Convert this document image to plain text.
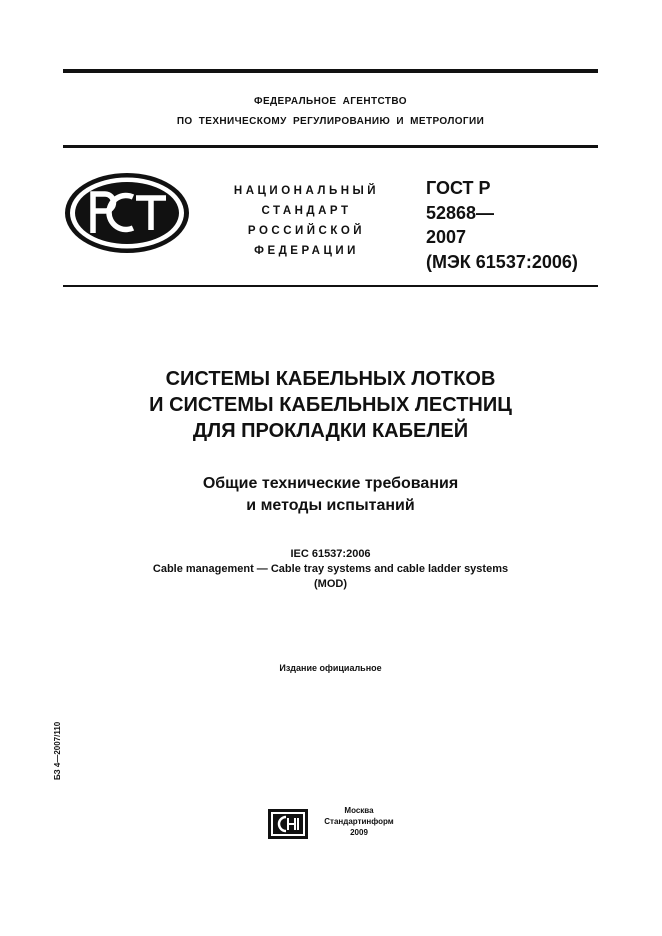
ФЕДЕРАЛЬНОЕ АГЕНТСТВО
ПО ТЕХНИЧЕСКОМУ РЕГУЛИРОВАНИЮ И МЕТРОЛОГИИ
НАЦИОНАЛЬНЫЙ
СТАНДАРТ
РОССИЙСКОЙ
ФЕДЕРАЦИИ
ГОСТ Р
52868—
2007
(МЭК 61537:2006)
СИСТЕМЫ КАБЕЛЬНЫХ ЛОТКОВ
И СИСТЕМЫ КАБЕЛЬНЫХ ЛЕСТНИЦ
ДЛЯ ПРОКЛАДКИ КАБЕЛЕЙ
Общие технические требования
и методы испытаний
IEC 61537:2006
Cable management — Cable tray systems and cable ladder systems
(MOD)
Издание официальное
БЗ 4—2007/110
Москва
Стандартинформ
2009
